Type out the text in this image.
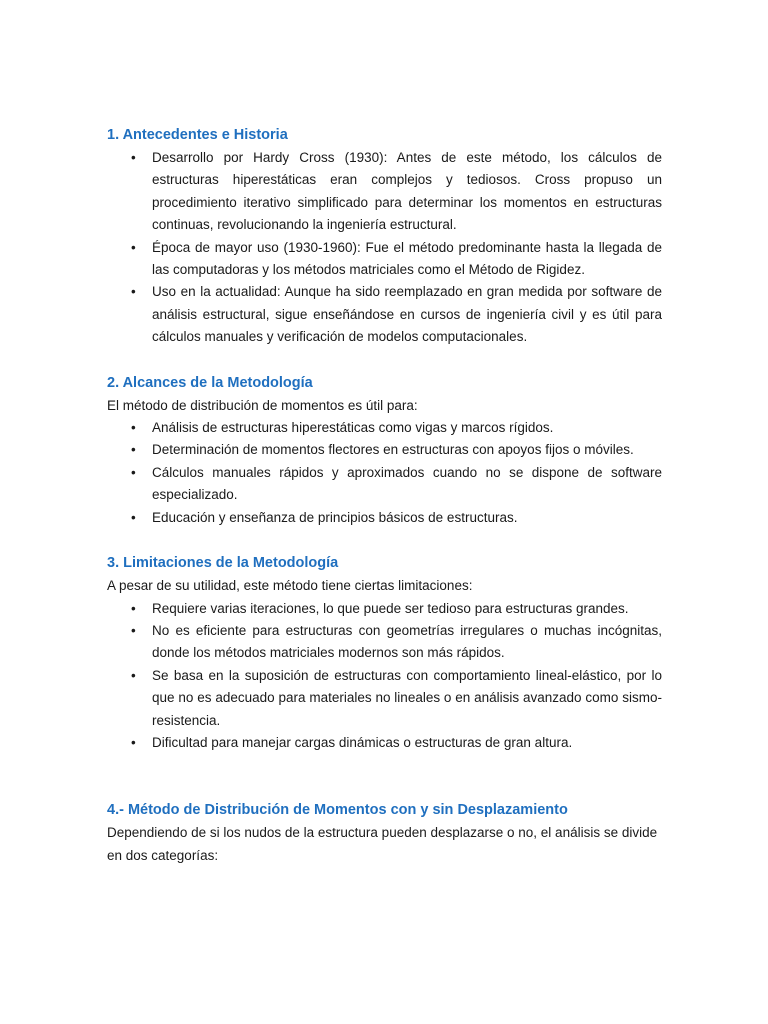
1. Antecedentes e Historia
• Desarrollo por Hardy Cross (1930): Antes de este método, los cálculos de estructuras hiperestáticas eran complejos y tediosos. Cross propuso un procedimiento iterativo simplificado para determinar los momentos en estructuras continuas, revolucionando la ingeniería estructural.
• Época de mayor uso (1930-1960): Fue el método predominante hasta la llegada de las computadoras y los métodos matriciales como el Método de Rigidez.
• Uso en la actualidad: Aunque ha sido reemplazado en gran medida por software de análisis estructural, sigue enseñándose en cursos de ingeniería civil y es útil para cálculos manuales y verificación de modelos computacionales.
2. Alcances de la Metodología

El método de distribución de momentos es útil para:

• Análisis de estructuras hiperestáticas como vigas y marcos rígidos.
• Determinación de momentos flectores en estructuras con apoyos fijos o móviles.
• Cálculos manuales rápidos y aproximados cuando no se dispone de software especializado.
• Educación y enseñanza de principios básicos de estructuras.
3. Limitaciones de la Metodología

A pesar de su utilidad, este método tiene ciertas limitaciones:

• Requiere varias iteraciones, lo que puede ser tedioso para estructuras grandes.
• No es eficiente para estructuras con geometrías irregulares o muchas incógnitas, donde los métodos matriciales modernos son más rápidos.
• Se basa en la suposición de estructuras con comportamiento lineal-elástico, por lo que no es adecuado para materiales no lineales o en análisis avanzado como sismo-resistencia.
• Dificultad para manejar cargas dinámicas o estructuras de gran altura.
4.- Método de Distribución de Momentos con y sin Desplazamiento

Dependiendo de si los nudos de la estructura pueden desplazarse o no, el análisis se divide en dos categorías:
